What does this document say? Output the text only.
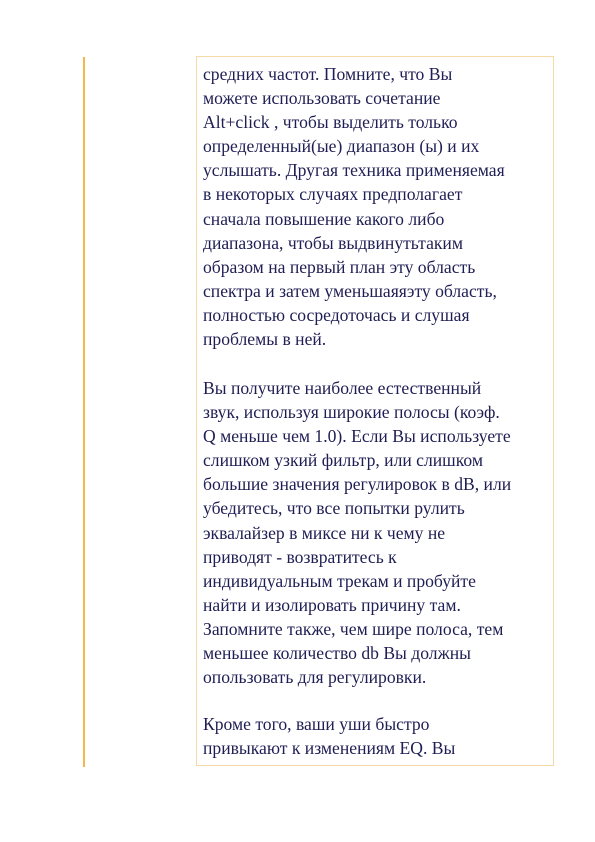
средних частот. Помните, что Вы
можете использовать сочетание
Alt+click , чтобы выделить только
определенный(ые) диапазон (ы) и их
услышать. Другая техника применяемая
в некоторых случаях предполагает
сначала повышение какого либо
диапазона, чтобы выдвинутьтаким
образом на первый план эту область
спектра и затем уменьшаяяэту область,
полностью сосредоточась и слушая
проблемы в ней.

Вы получите наиболее естественный
звук, используя широкие полосы (коэф.
Q меньше чем 1.0). Если Вы используете
слишком узкий фильтр, или слишком
большие значения регулировок в dB, или
убедитесь, что все попытки рулить
эквалайзер в миксе ни к чему не
приводят - возвратитесь к
индивидуальным трекам и пробуйте
найти и изолировать причину там.
Запомните также, чем шире полоса, тем
меньшее количество db Вы должны
опользовать для регулировки.

Кроме того, ваши уши быстро
привыкают к изменениям EQ. Вы
